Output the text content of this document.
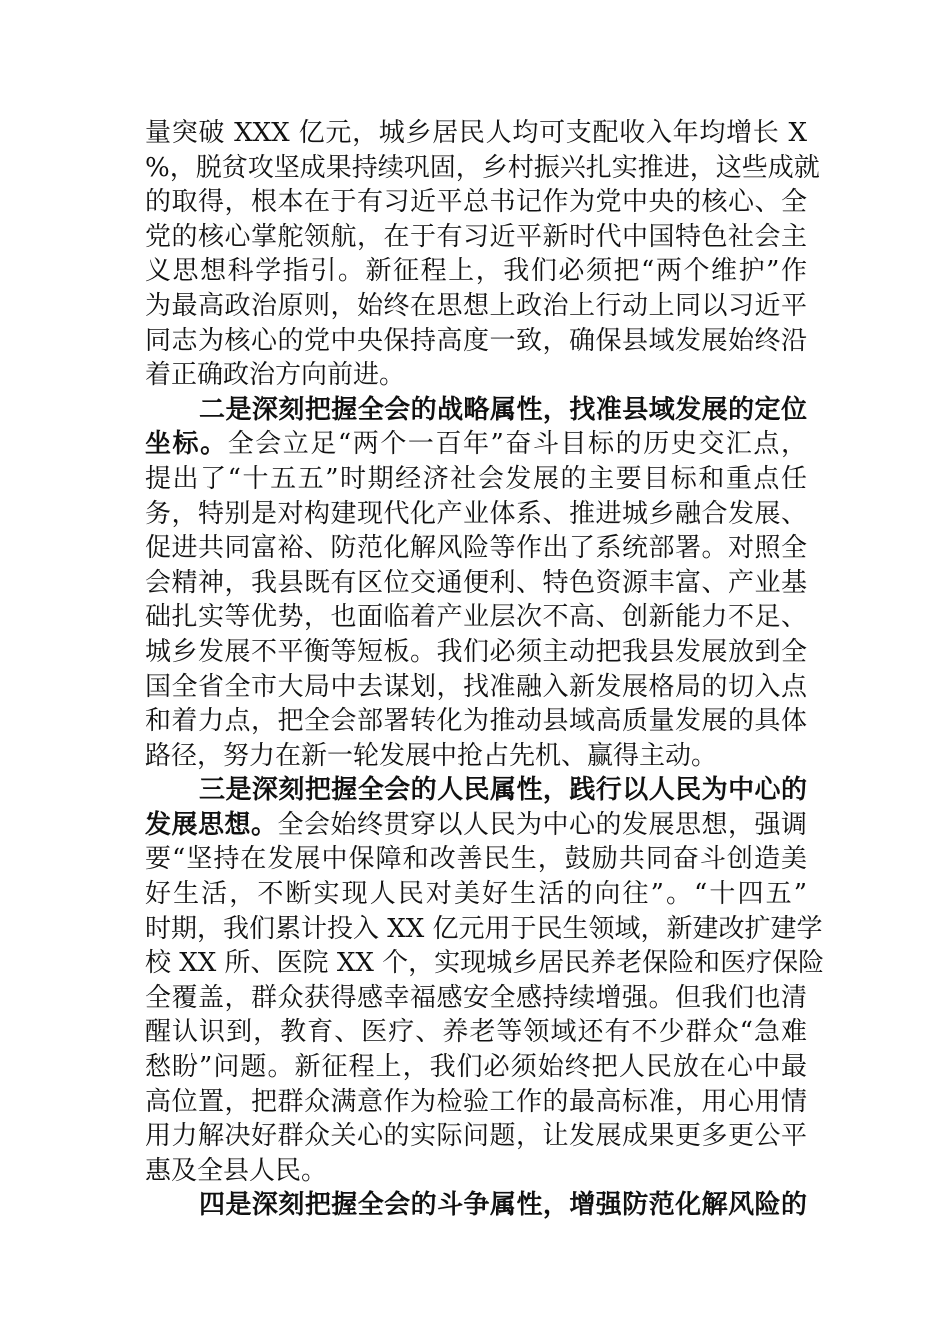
量突破 XXX 亿元，城乡居民人均可支配收入年均增长 X
%，脱贫攻坚成果持续巩固，乡村振兴扎实推进，这些成就
的取得，根本在于有习近平总书记作为党中央的核心、全
党的核心掌舵领航，在于有习近平新时代中国特色社会主
义思想科学指引。新征程上，我们必须把“两个维护”作
为最高政治原则，始终在思想上政治上行动上同以习近平
同志为核心的党中央保持高度一致，确保县域发展始终沿
着正确政治方向前进。
二是深刻把握全会的战略属性，找准县域发展的定位
坐标。全会立足“两个一百年”奋斗目标的历史交汇点，
提出了“十五五”时期经济社会发展的主要目标和重点任
务，特别是对构建现代化产业体系、推进城乡融合发展、
促进共同富裕、防范化解风险等作出了系统部署。对照全
会精神，我县既有区位交通便利、特色资源丰富、产业基
础扎实等优势，也面临着产业层次不高、创新能力不足、
城乡发展不平衡等短板。我们必须主动把我县发展放到全
国全省全市大局中去谋划，找准融入新发展格局的切入点
和着力点，把全会部署转化为推动县域高质量发展的具体
路径，努力在新一轮发展中抢占先机、赢得主动。
三是深刻把握全会的人民属性，践行以人民为中心的
发展思想。全会始终贯穿以人民为中心的发展思想，强调
要“坚持在发展中保障和改善民生，鼓励共同奋斗创造美
好生活，不断实现人民对美好生活的向往”。“十四五”
时期，我们累计投入 XX 亿元用于民生领域，新建改扩建学
校 XX 所、医院 XX 个，实现城乡居民养老保险和医疗保险
全覆盖，群众获得感幸福感安全感持续增强。但我们也清
醒认识到，教育、医疗、养老等领域还有不少群众“急难
愁盼”问题。新征程上，我们必须始终把人民放在心中最
高位置，把群众满意作为检验工作的最高标准，用心用情
用力解决好群众关心的实际问题，让发展成果更多更公平
惠及全县人民。
四是深刻把握全会的斗争属性，增强防范化解风险的
